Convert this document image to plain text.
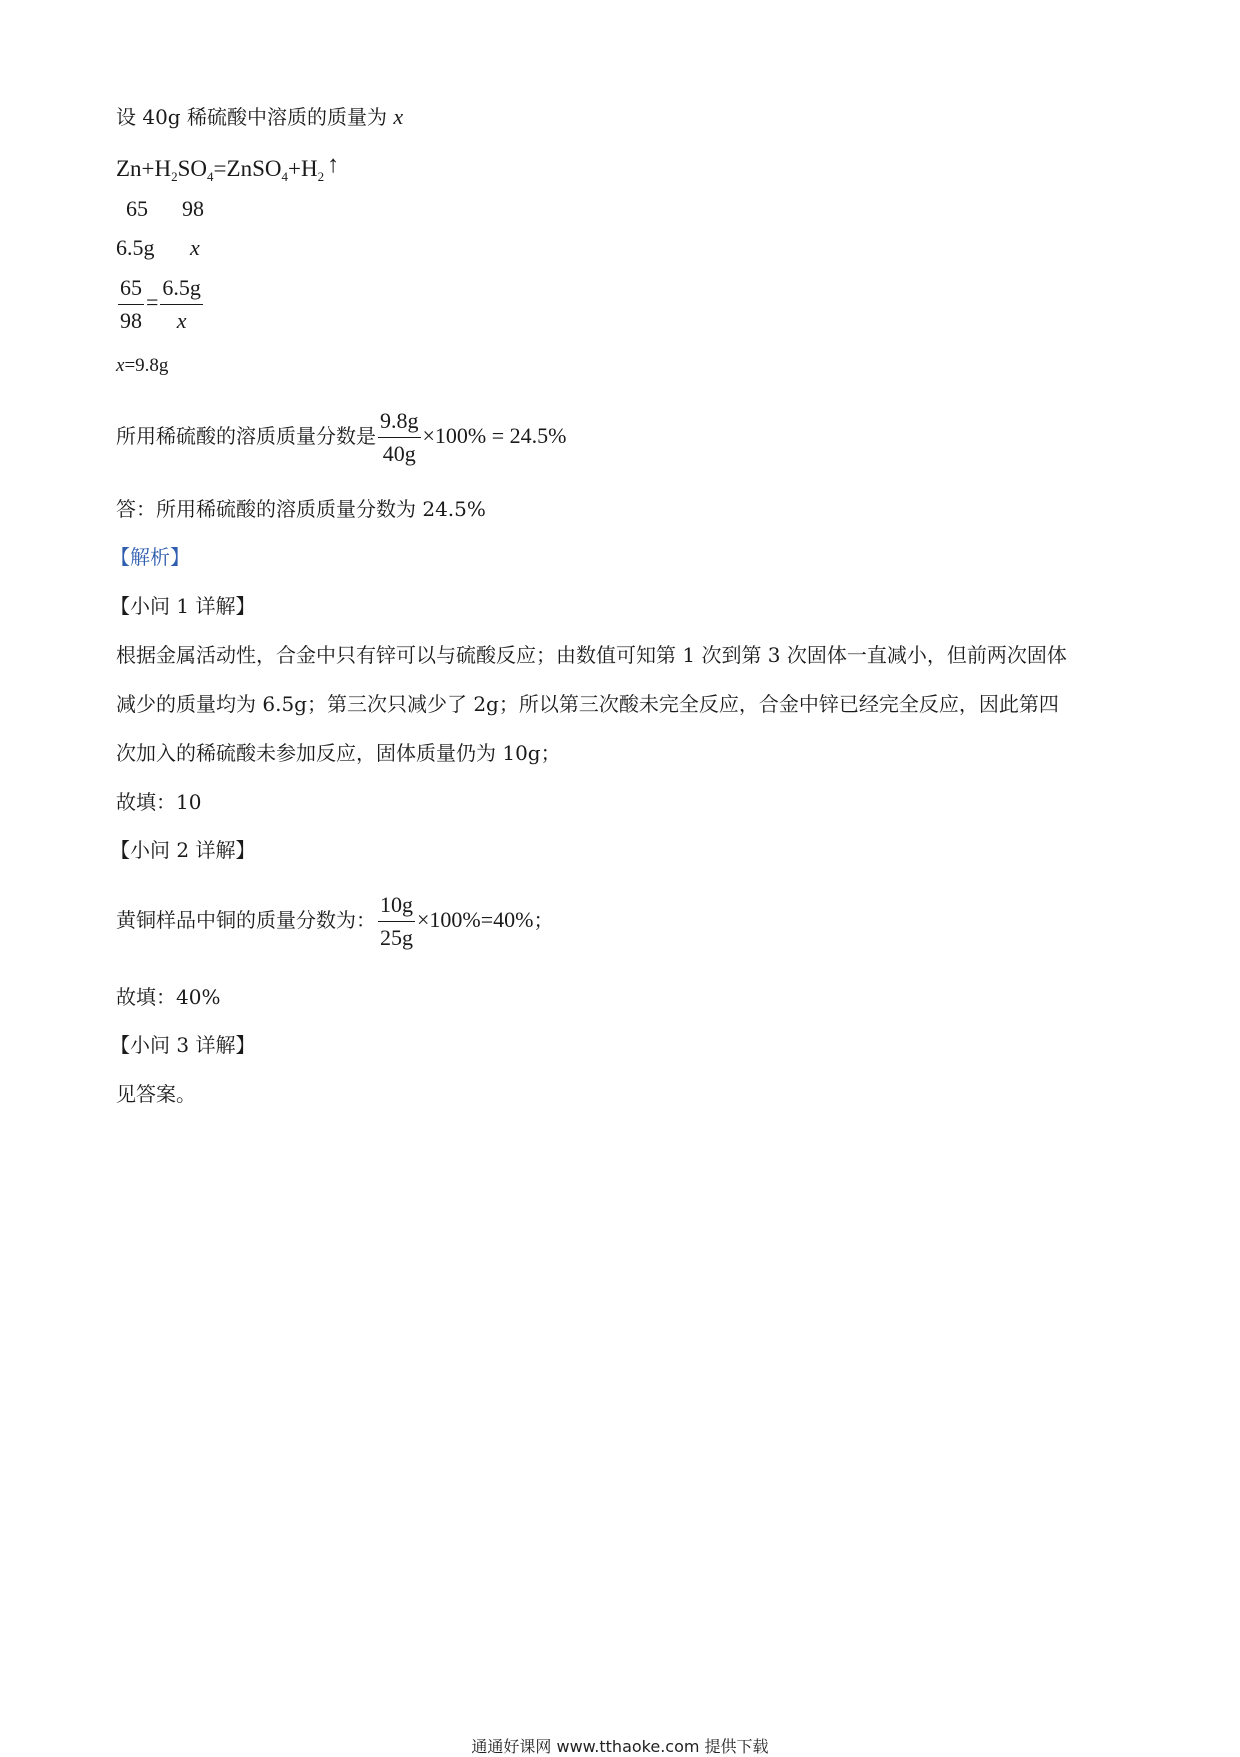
设 40g 稀硫酸中溶质的质量为 x
$Zn+H_2SO_4=ZnSO_4+H_2$ ↑
65 98
6.5g x
$\frac{65}{98} = \frac{6.5g}{x}$
x=9.8g
所用稀硫酸的溶质质量分数是 $\frac{9.8g}{40g} \times 100\% = 24.5\%$
答：所用稀硫酸的溶质质量分数为 24.5%
【解析】
【小问 1 详解】
根据金属活动性，合金中只有锌可以与硫酸反应；由数值可知第 1 次到第 3 次固体一直减小，但前两次固体
减少的质量均为 6.5g；第三次只减少了 2g；所以第三次酸未完全反应，合金中锌已经完全反应，因此第四
次加入的稀硫酸未参加反应，固体质量仍为 10g；
故填：10
【小问 2 详解】
黄铜样品中铜的质量分数为： $\frac{10g}{25g} \times 100\%=40\%$；
故填：40%
【小问 3 详解】
见答案。
通通好课网 www.tthaoke.com 提供下载
